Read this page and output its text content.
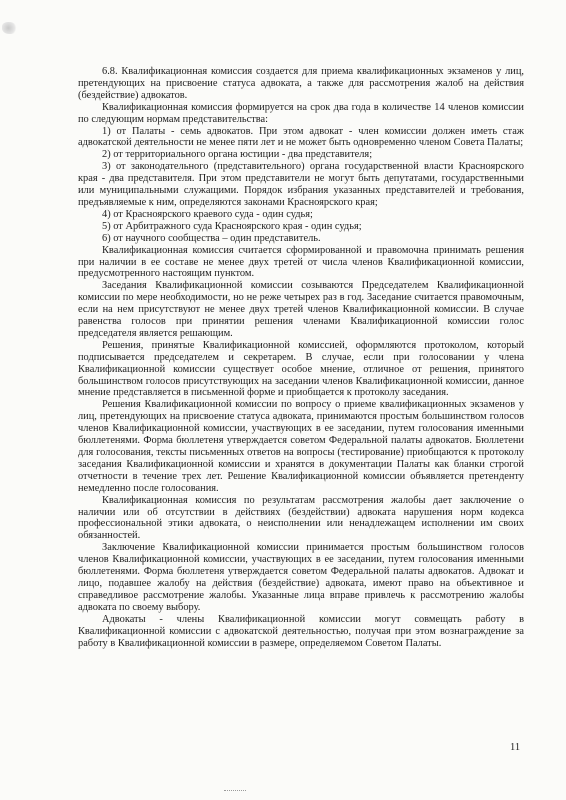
6.8. Квалификационная комиссия создается для приема квалификационных экзаменов у лиц, претендующих на присвоение статуса адвоката, а также для рассмотрения жалоб на действия (бездействие) адвокатов.

Квалификационная комиссия формируется на срок два года в количестве 14 членов комиссии по следующим нормам представительства:

1) от Палаты - семь адвокатов. При этом адвокат - член комиссии должен иметь стаж адвокатской деятельности не менее пяти лет и не может быть одновременно членом Совета Палаты;

2) от территориального органа юстиции - два представителя;

3) от законодательного (представительного) органа государственной власти Красноярского края - два представителя. При этом представители не могут быть депутатами, государственными или муниципальными служащими. Порядок избрания указанных представителей и требования, предъявляемые к ним, определяются законами Красноярского края;

4) от Красноярского краевого суда - один судья;

5) от Арбитражного суда Красноярского края - один судья;

6) от научного сообщества – один представитель.

Квалификационная комиссия считается сформированной и правомочна принимать решения при наличии в ее составе не менее двух третей от числа членов Квалификационной комиссии, предусмотренного настоящим пунктом.

Заседания Квалификационной комиссии созываются Председателем Квалификационной комиссии по мере необходимости, но не реже четырех раз в год. Заседание считается правомочным, если на нем присутствуют не менее двух третей членов Квалификационной комиссии. В случае равенства голосов при принятии решения членами Квалификационной комиссии голос председателя является решающим.

Решения, принятые Квалификационной комиссией, оформляются протоколом, который подписывается председателем и секретарем. В случае, если при голосовании у члена Квалификационной комиссии существует особое мнение, отличное от решения, принятого большинством голосов присутствующих на заседании членов Квалификационной комиссии, данное мнение представляется в письменной форме и приобщается к протоколу заседания.

Решения Квалификационной комиссии по вопросу о приеме квалификационных экзаменов у лиц, претендующих на присвоение статуса адвоката, принимаются простым большинством голосов членов Квалификационной комиссии, участвующих в ее заседании, путем голосования именными бюллетенями. Форма бюллетеня утверждается советом Федеральной палаты адвокатов. Бюллетени для голосования, тексты письменных ответов на вопросы (тестирование) приобщаются к протоколу заседания Квалификационной комиссии и хранятся в документации Палаты как бланки строгой отчетности в течение трех лет. Решение Квалификационной комиссии объявляется претенденту немедленно после голосования.

Квалификационная комиссия по результатам рассмотрения жалобы дает заключение о наличии или об отсутствии в действиях (бездействии) адвоката нарушения норм кодекса профессиональной этики адвоката, о неисполнении или ненадлежащем исполнении им своих обязанностей.

Заключение Квалификационной комиссии принимается простым большинством голосов членов Квалификационной комиссии, участвующих в ее заседании, путем голосования именными бюллетенями. Форма бюллетеня утверждается советом Федеральной палаты адвокатов. Адвокат и лицо, подавшее жалобу на действия (бездействие) адвоката, имеют право на объективное и справедливое рассмотрение жалобы. Указанные лица вправе привлечь к рассмотрению жалобы адвоката по своему выбору.

Адвокаты - члены Квалификационной комиссии могут совмещать работу в Квалификационной комиссии с адвокатской деятельностью, получая при этом вознаграждение за работу в Квалификационной комиссии в размере, определяемом Советом Палаты.

11
